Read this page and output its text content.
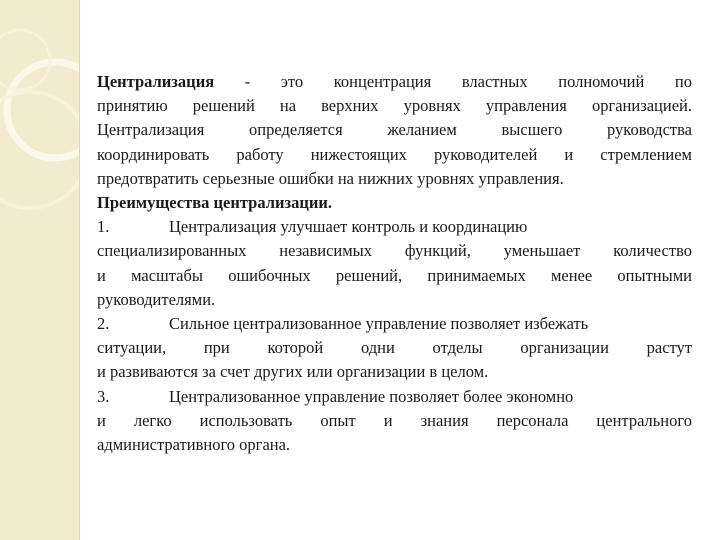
Централизация - это концентрация властных полномочий по

принятию решений на верхних уровнях управления организацией.

Централизация определяется желанием высшего руководства

координировать работу нижестоящих руководителей и стремлением

предотвратить серьезные ошибки на нижних уровнях управления.

Преимущества централизации.

1.	Централизация улучшает контроль и координацию

специализированных независимых функций, уменьшает количество

и масштабы ошибочных решений, принимаемых менее опытными

руководителями.

2.	Сильное централизованное управление позволяет избежать

ситуации, при которой одни отделы организации растут

и развиваются за счет других или организации в целом.

3.	Централизованное управление позволяет более экономно

и легко использовать опыт и знания персонала центрального

административного органа.
